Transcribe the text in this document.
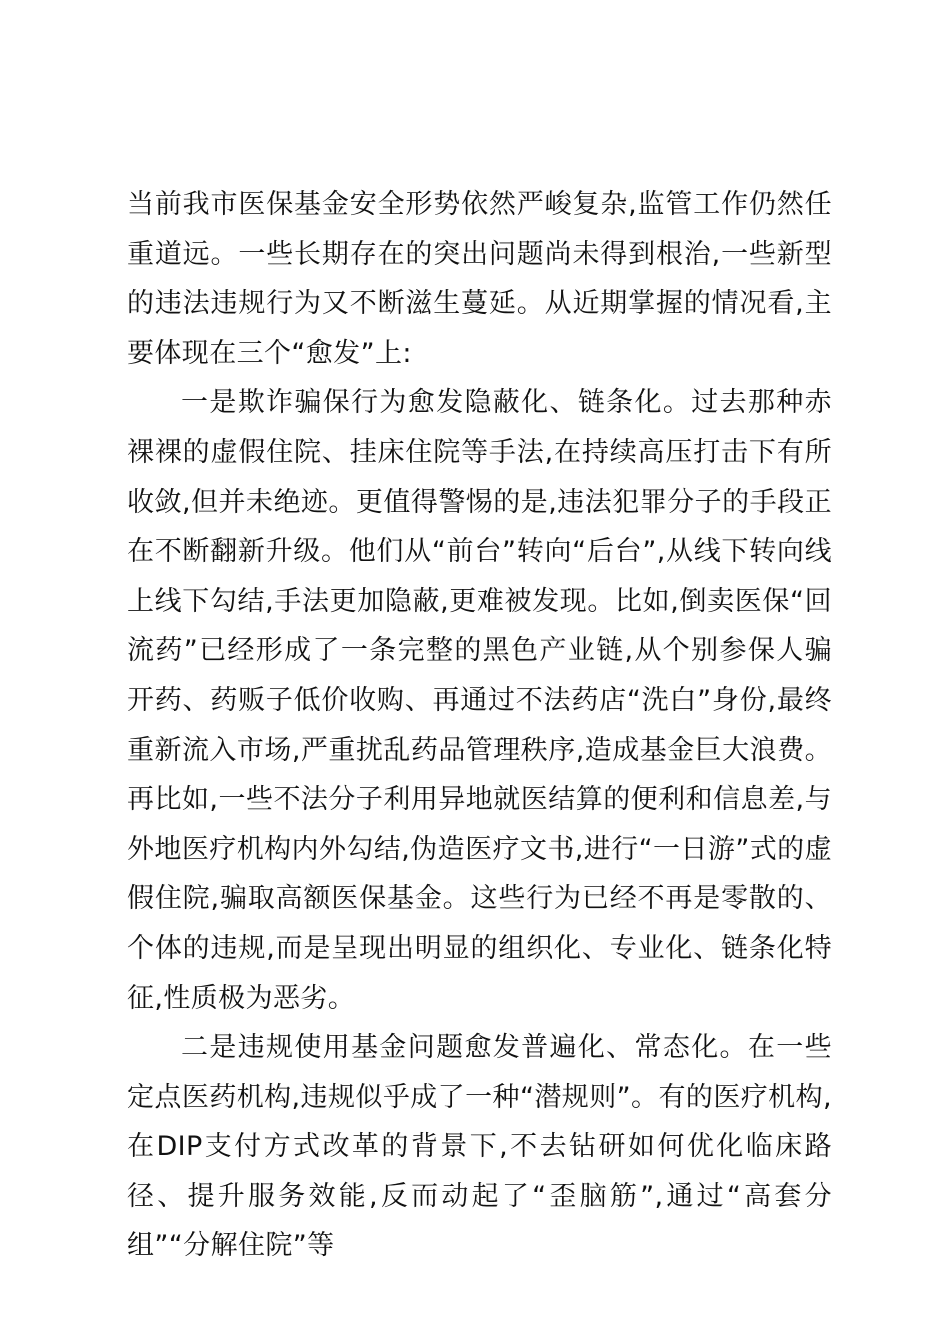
当前我市医保基金安全形势依然严峻复杂,监管工作仍然任重道远。一些长期存在的突出问题尚未得到根治,一些新型的违法违规行为又不断滋生蔓延。从近期掌握的情况看,主要体现在三个“愈发”上:

一是欺诈骗保行为愈发隐蔽化、链条化。过去那种赤裸裸的虚假住院、挂床住院等手法,在持续高压打击下有所收敛,但并未绝迹。更值得警惕的是,违法犯罪分子的手段正在不断翻新升级。他们从“前台”转向“后台”,从线下转向线上线下勾结,手法更加隐蔽,更难被发现。比如,倒卖医保“回流药”已经形成了一条完整的黑色产业链,从个别参保人骗开药、药贩子低价收购、再通过不法药店“洗白”身份,最终重新流入市场,严重扰乱药品管理秩序,造成基金巨大浪费。再比如,一些不法分子利用异地就医结算的便利和信息差,与外地医疗机构内外勾结,伪造医疗文书,进行“一日游”式的虚假住院,骗取高额医保基金。这些行为已经不再是零散的、个体的违规,而是呈现出明显的组织化、专业化、链条化特征,性质极为恶劣。

二是违规使用基金问题愈发普遍化、常态化。在一些定点医药机构,违规似乎成了一种“潜规则”。有的医疗机构,在DIP支付方式改革的背景下,不去钻研如何优化临床路径、提升服务效能,反而动起了“歪脑筋”,通过“高套分组”“分解住院”等
